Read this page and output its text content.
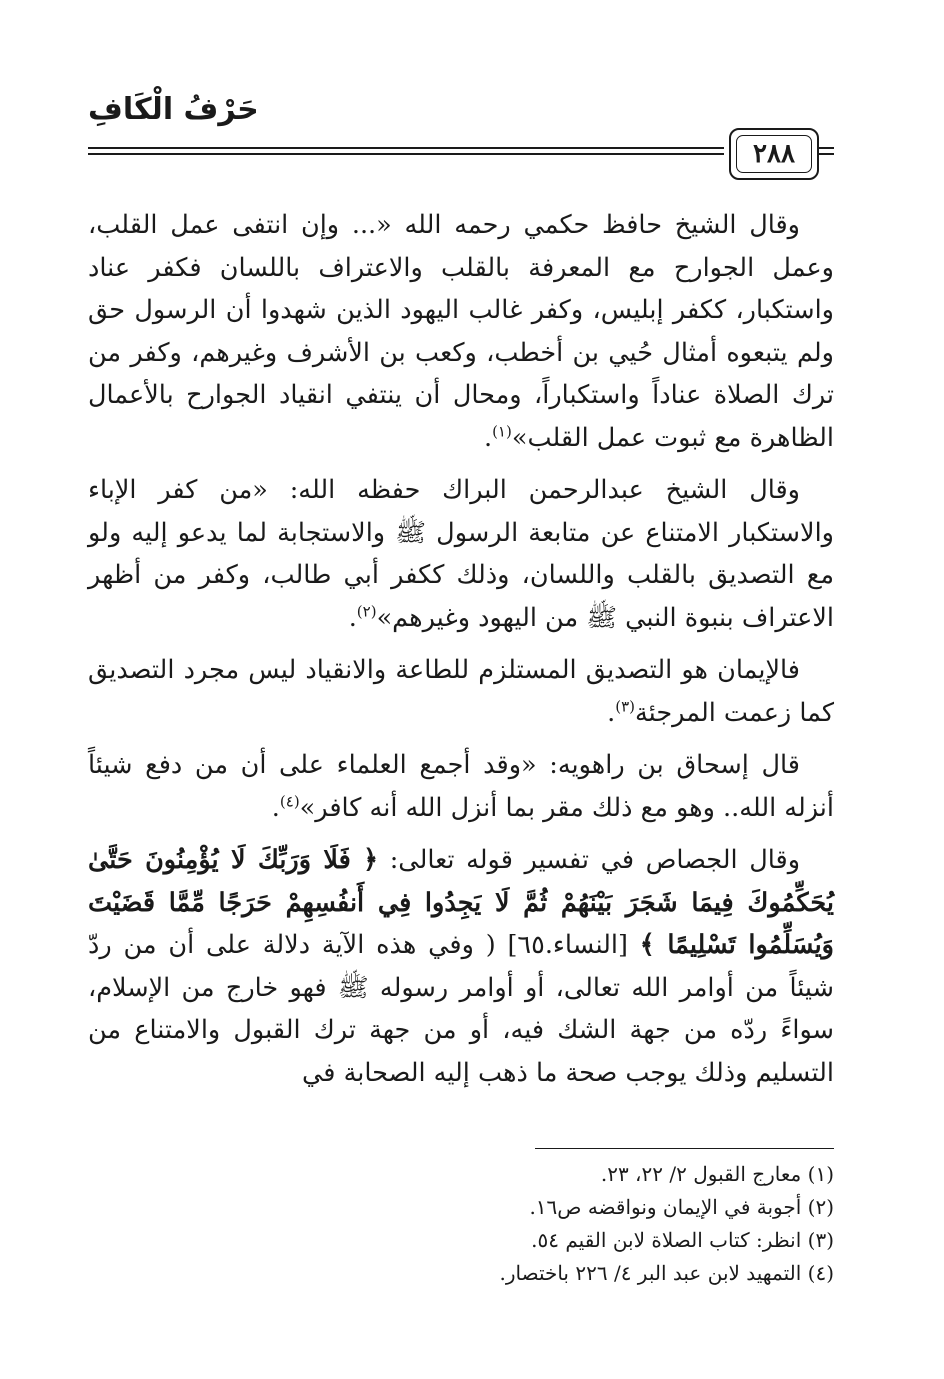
حَرْفُ الْكَافِ
٢٨٨

وقال الشيخ حافظ حكمي رحمه الله «... وإن انتفى عمل القلب، وعمل الجوارح مع المعرفة بالقلب والاعتراف باللسان فكفر عناد واستكبار، ككفر إبليس، وكفر غالب اليهود الذين شهدوا أن الرسول حق ولم يتبعوه أمثال حُيي بن أخطب، وكعب بن الأشرف وغيرهم، وكفر من ترك الصلاة عناداً واستكباراً، ومحال أن ينتفي انقياد الجوارح بالأعمال الظاهرة مع ثبوت عمل القلب»$^{(١)}$.

وقال الشيخ عبدالرحمن البراك حفظه الله: «من كفر الإباء والاستكبار الامتناع عن متابعة الرسول ﷺ والاستجابة لما يدعو إليه ولو مع التصديق بالقلب واللسان، وذلك ككفر أبي طالب، وكفر من أظهر الاعتراف بنبوة النبي ﷺ من اليهود وغيرهم»$^{(٢)}$.

فالإيمان هو التصديق المستلزم للطاعة والانقياد ليس مجرد التصديق كما زعمت المرجئة$^{(٣)}$.

قال إسحاق بن راهويه: «وقد أجمع العلماء على أن من دفع شيئاً أنزله الله.. وهو مع ذلك مقر بما أنزل الله أنه كافر»$^{(٤)}$.

وقال الجصاص في تفسير قوله تعالى: ﴿ فَلَا وَرَبِّكَ لَا يُؤْمِنُونَ حَتَّىٰ يُحَكِّمُوكَ فِيمَا شَجَرَ بَيْنَهُمْ ثُمَّ لَا يَجِدُوا فِي أَنفُسِهِمْ حَرَجًا مِّمَّا قَضَيْتَ وَيُسَلِّمُوا تَسْلِيمًا ﴾ [النساء.٦٥] ( وفي هذه الآية دلالة على أن من ردّ شيئاً من أوامر الله تعالى، أو أوامر رسوله ﷺ فهو خارج من الإسلام، سواءً ردّه من جهة الشك فيه، أو من جهة ترك القبول والامتناع من التسليم وذلك يوجب صحة ما ذهب إليه الصحابة في

(١) معارج القبول ٢/ ٢٢، ٢٣.
(٢) أجوبة في الإيمان ونواقضه ص١٦.
(٣) انظر: كتاب الصلاة لابن القيم ٥٤.
(٤) التمهيد لابن عبد البر ٤/ ٢٢٦ باختصار.
